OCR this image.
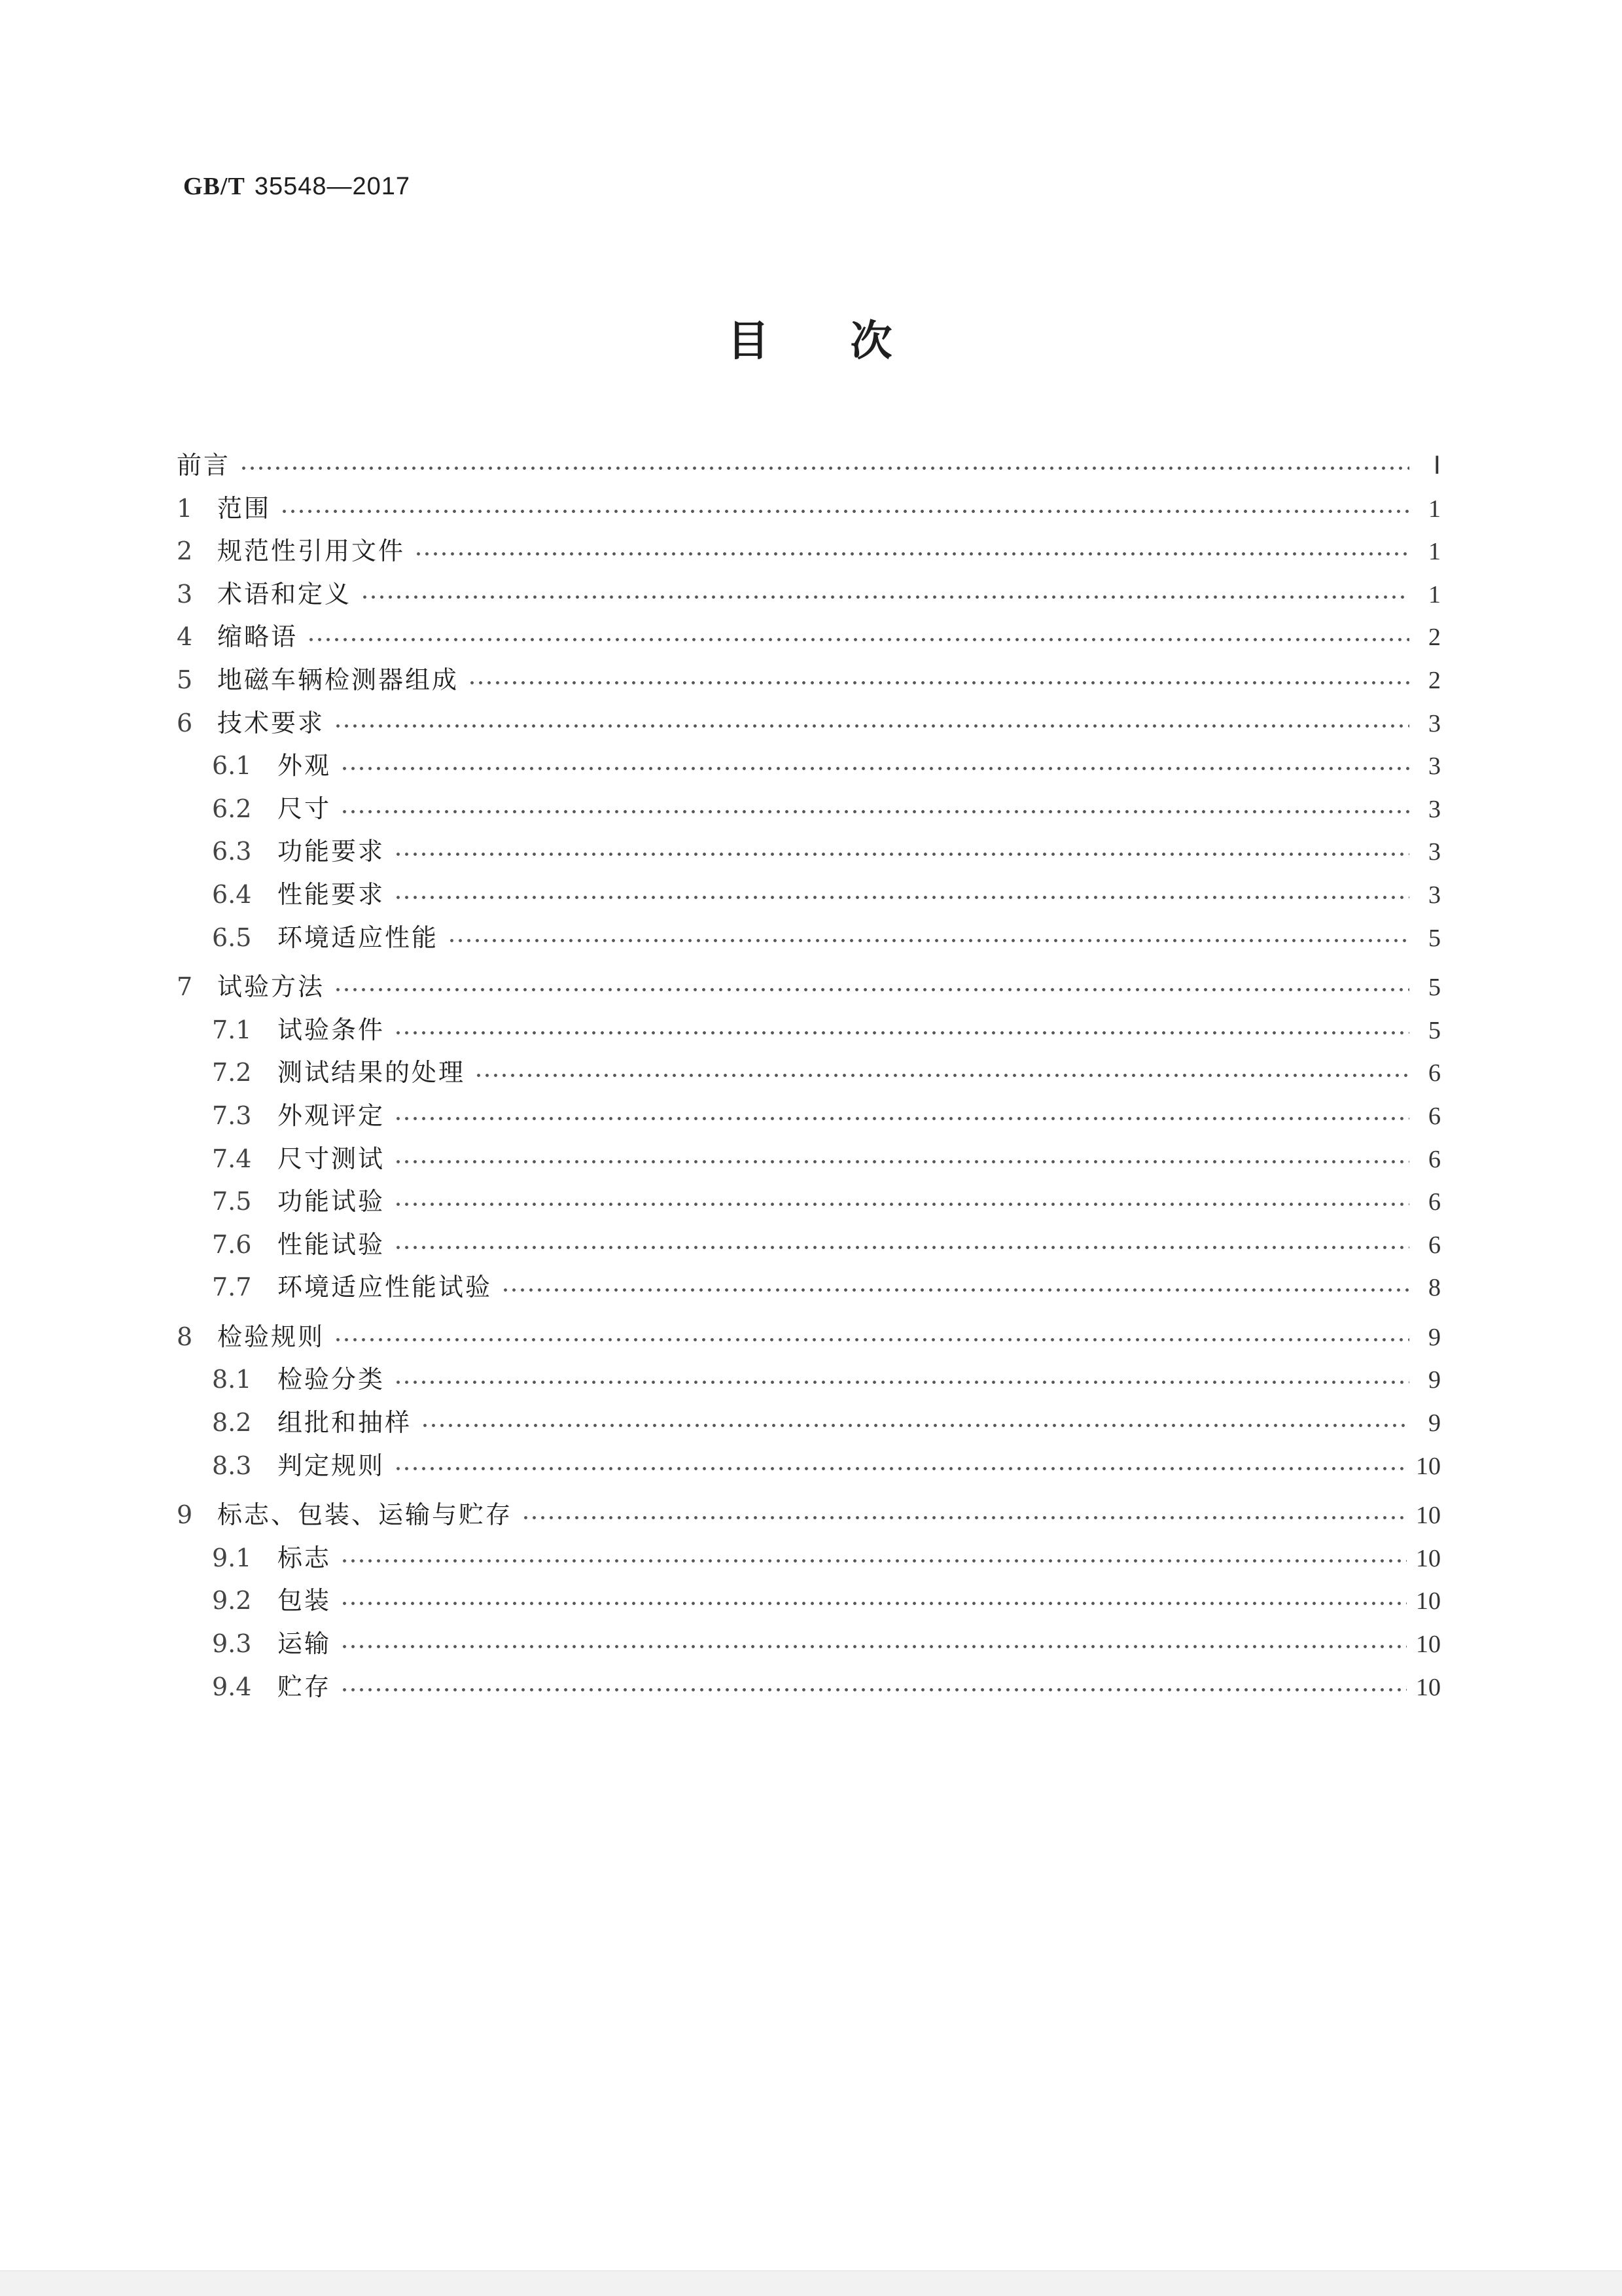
GB/T 35548—2017
目 次
前言	Ⅰ
1 范围	1
2 规范性引用文件	1
3 术语和定义	1
4 缩略语	2
5 地磁车辆检测器组成	2
6 技术要求	3
6.1	外观	3
6.2	尺寸	3
6.3	功能要求	3
6.4	性能要求	3
6.5	环境适应性能	5
7 试验方法	5
7.1	试验条件	5
7.2	测试结果的处理	6
7.3	外观评定	6
7.4	尺寸测试	6
7.5	功能试验	6
7.6	性能试验	6
7.7	环境适应性能试验	8
8 检验规则	9
8.1	检验分类	9
8.2	组批和抽样	9
8.3	判定规则	10
9 标志、包装、运输与贮存	10
9.1	标志	10
9.2	包装	10
9.3	运输	10
9.4	贮存	10
